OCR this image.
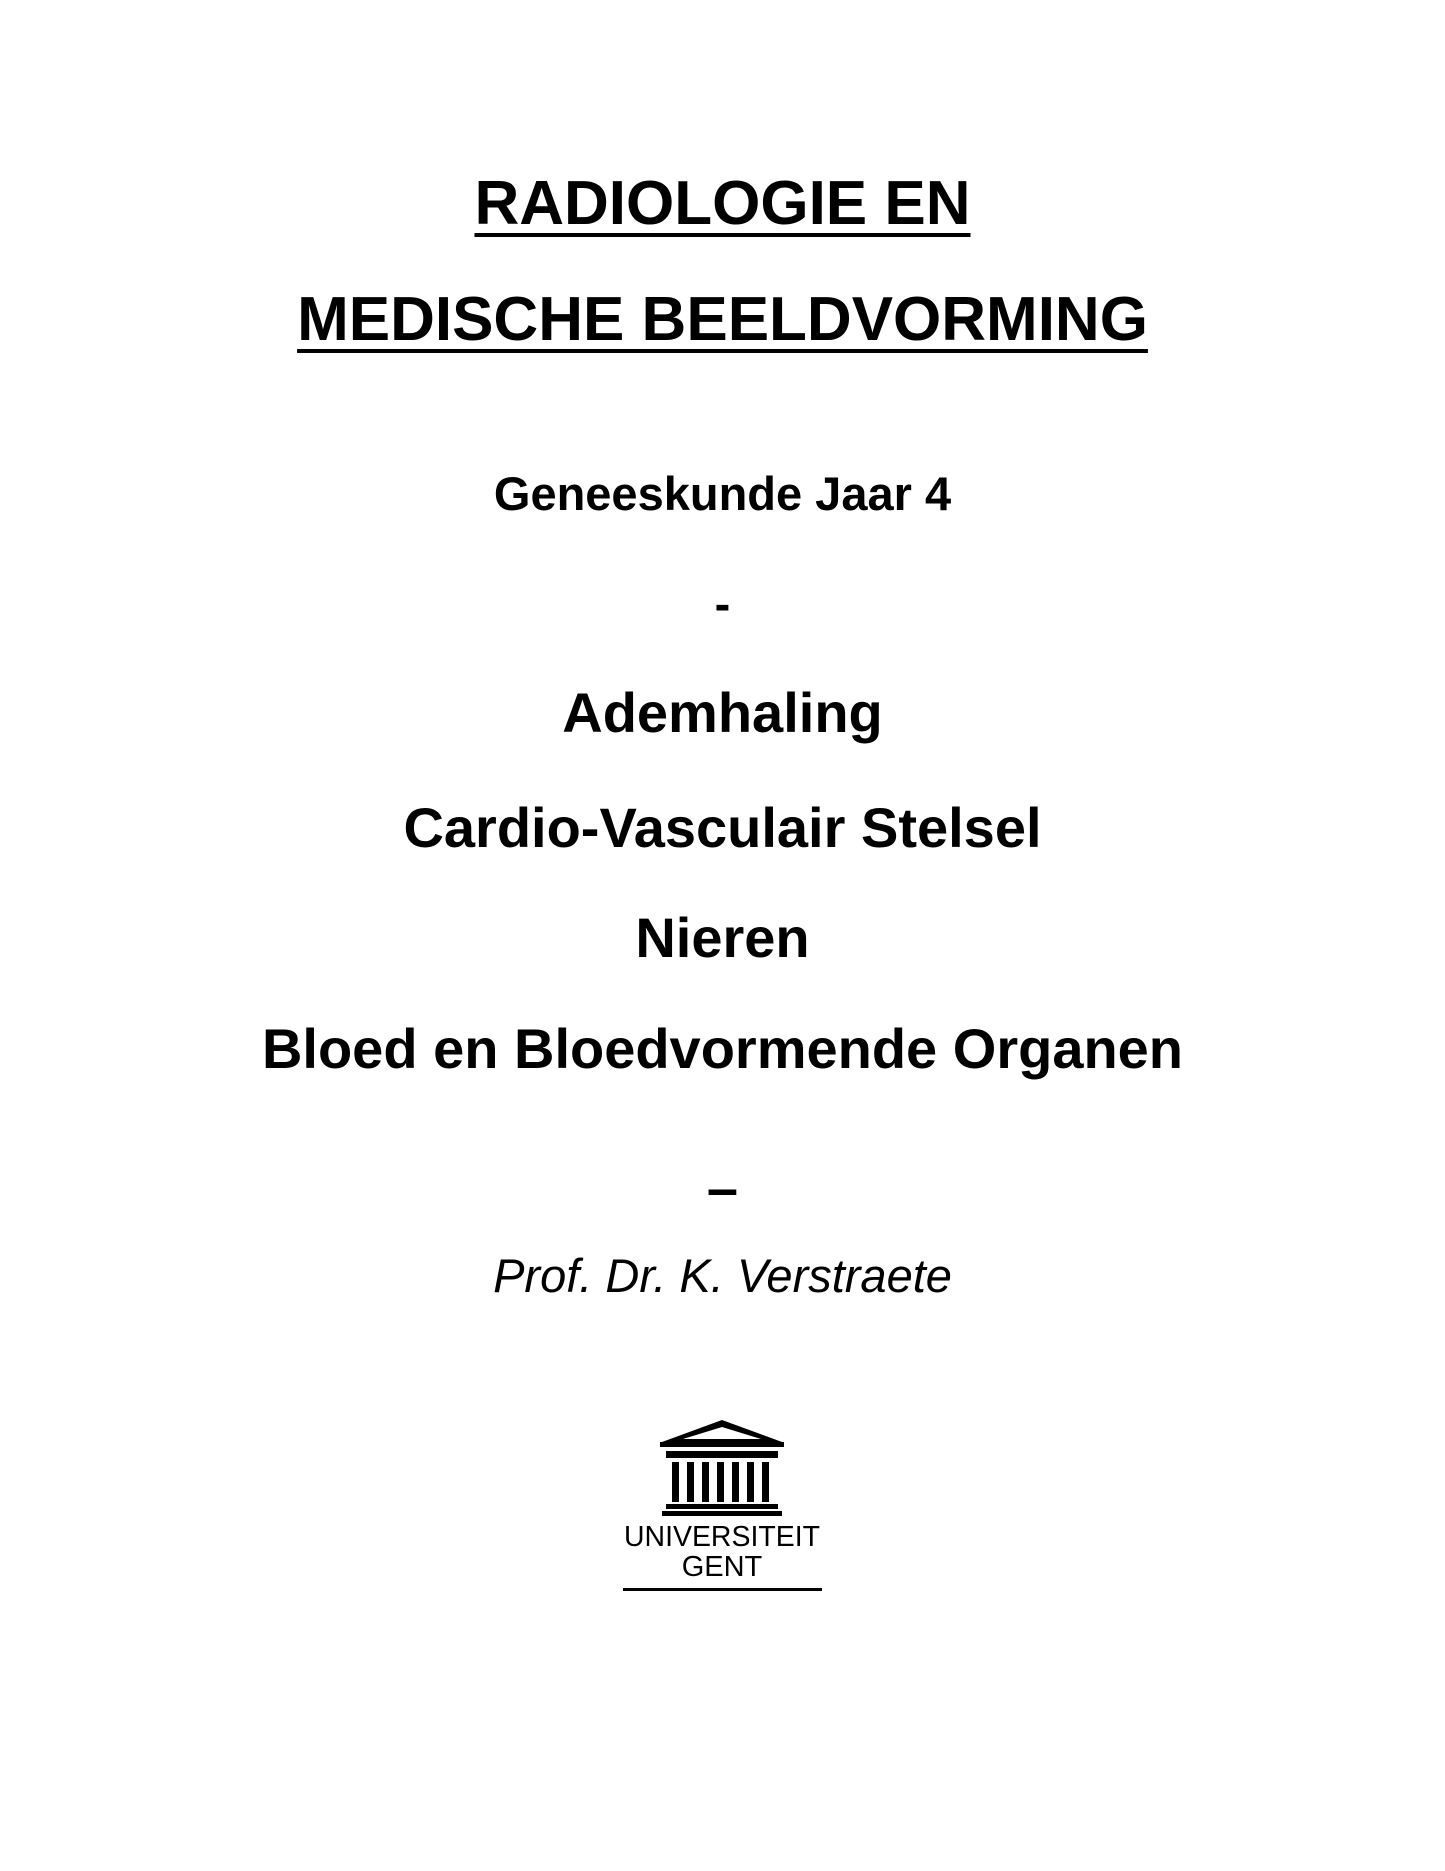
RADIOLOGIE EN
MEDISCHE BEELDVORMING
Geneeskunde Jaar 4
-
Ademhaling
Cardio-Vasculair Stelsel
Nieren
Bloed en Bloedvormende Organen
–
Prof. Dr. K. Verstraete
UNIVERSITEIT
GENT
